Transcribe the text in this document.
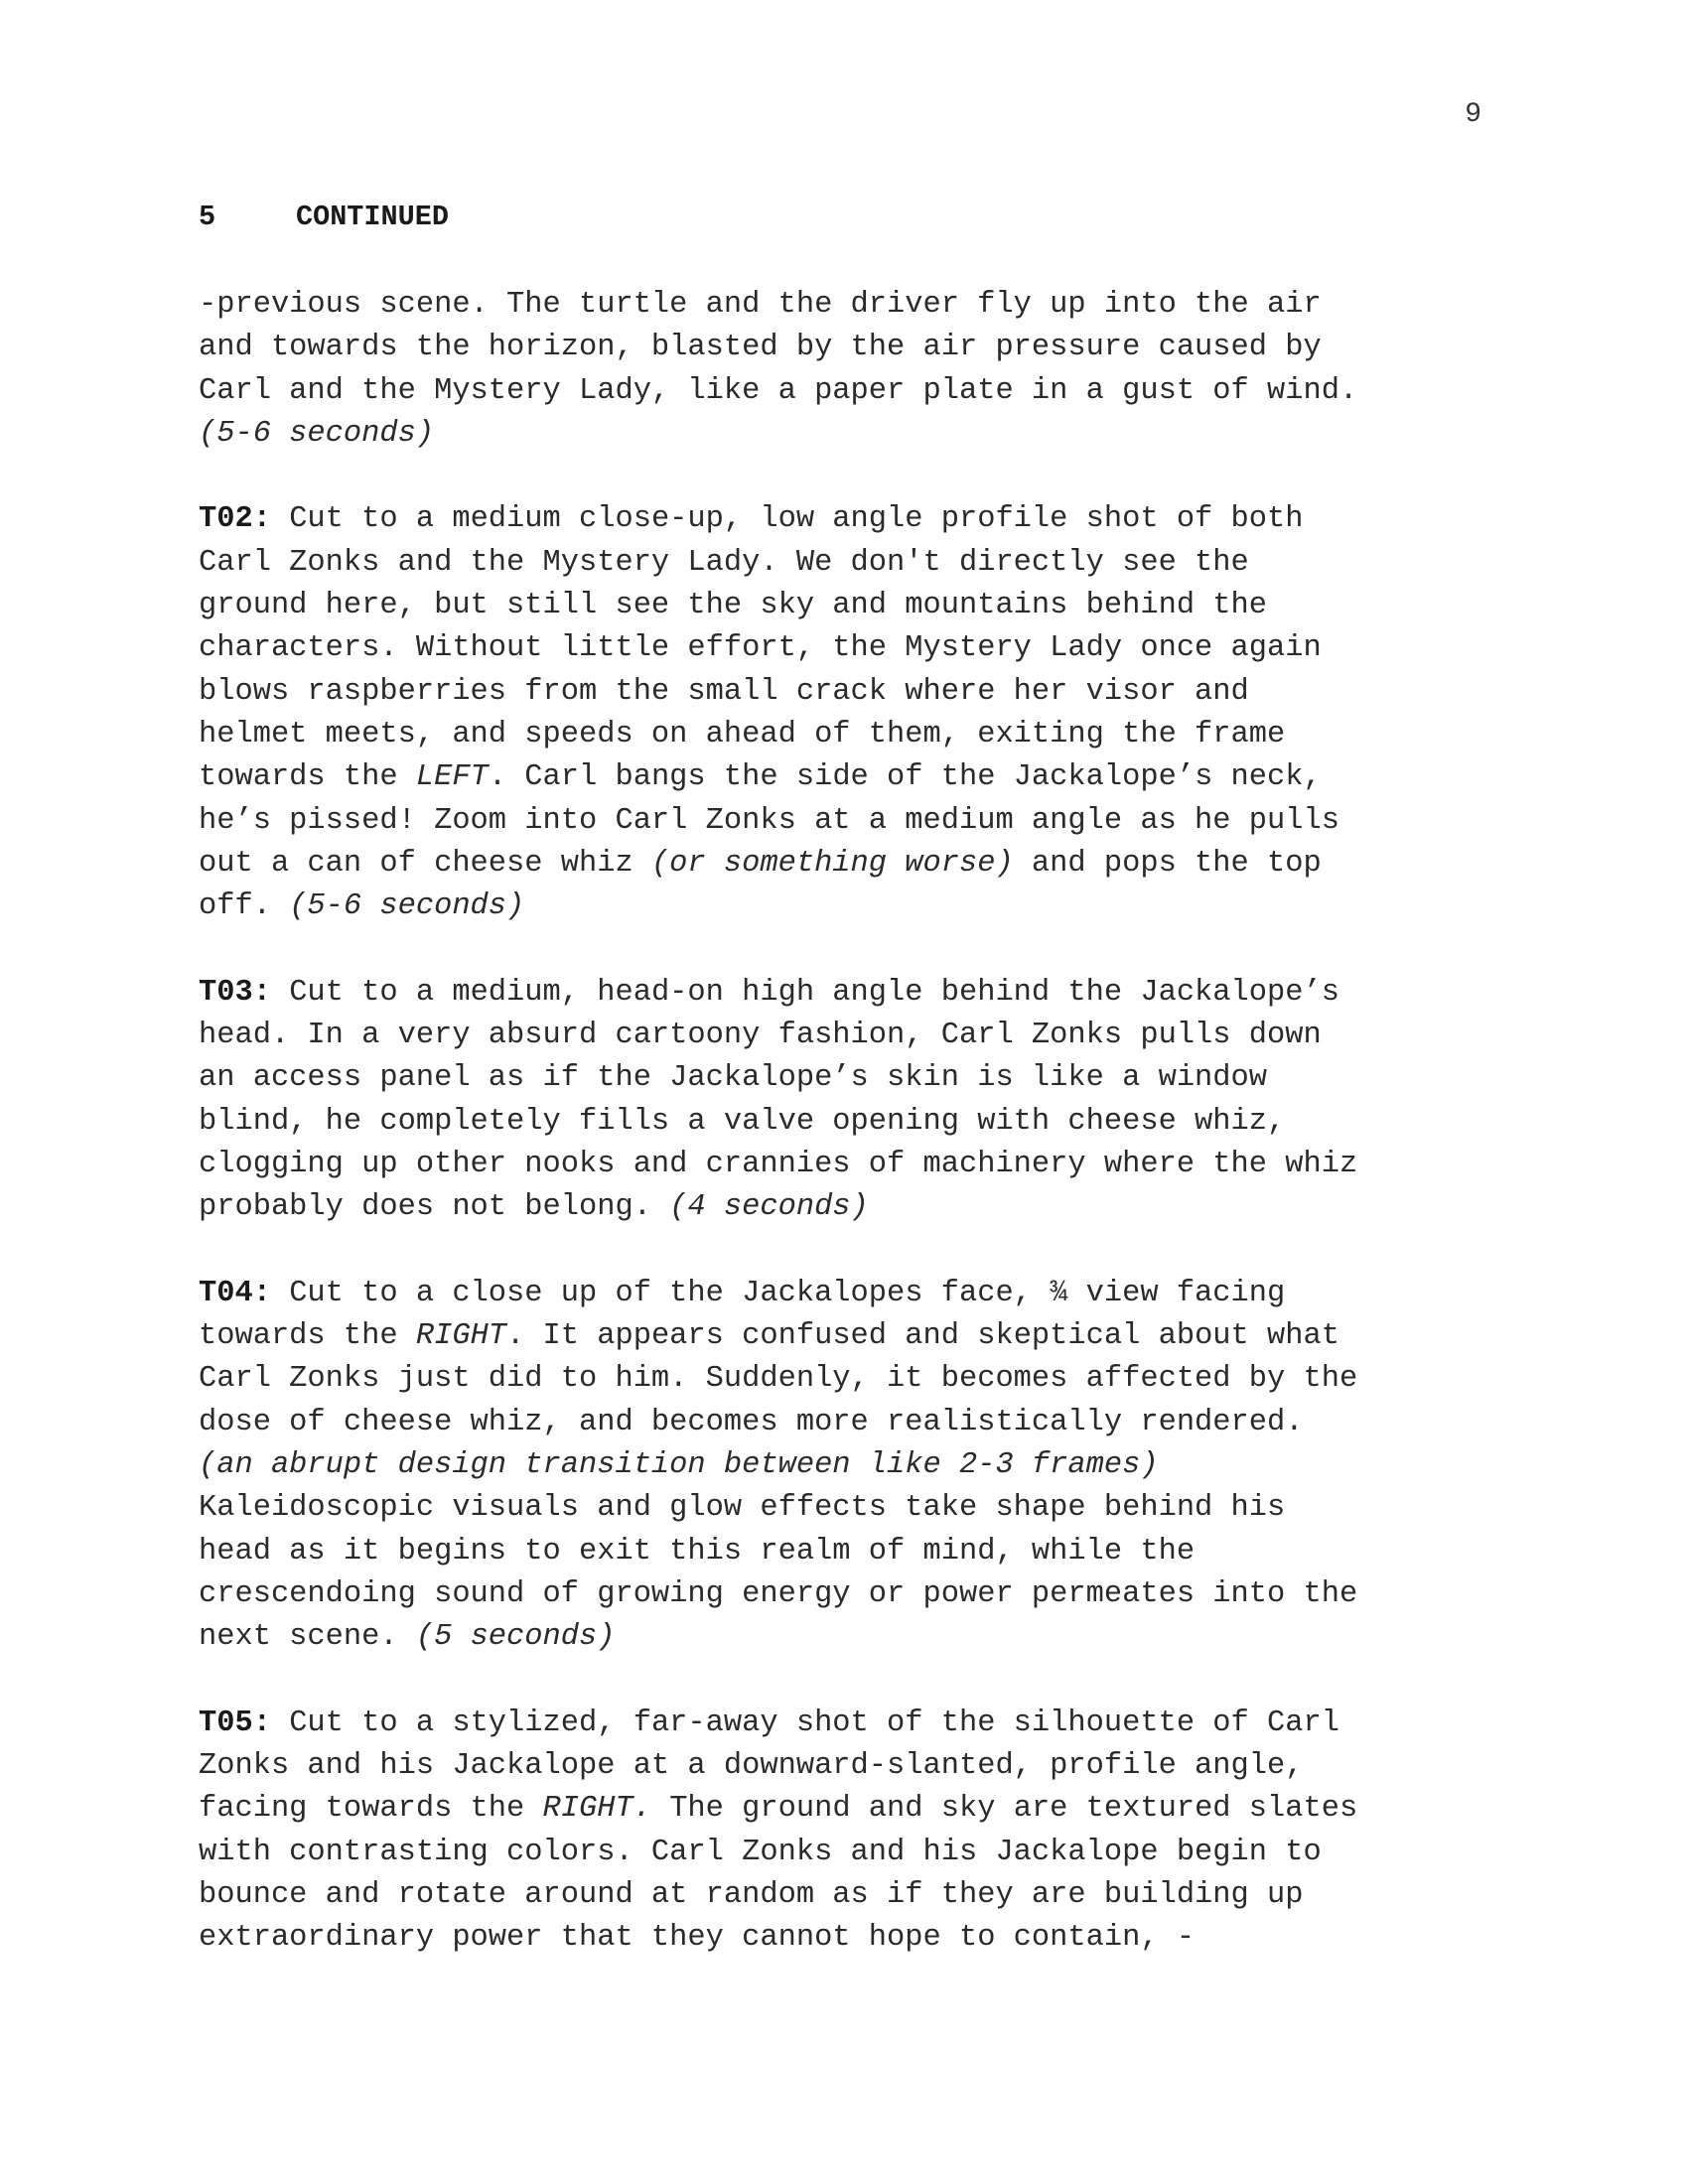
9
5	CONTINUED
-previous scene. The turtle and the driver fly up into the air
and towards the horizon, blasted by the air pressure caused by
Carl and the Mystery Lady, like a paper plate in a gust of wind.
(5-6 seconds)
T02: Cut to a medium close-up, low angle profile shot of both
Carl Zonks and the Mystery Lady. We don't directly see the
ground here, but still see the sky and mountains behind the
characters. Without little effort, the Mystery Lady once again
blows raspberries from the small crack where her visor and
helmet meets, and speeds on ahead of them, exiting the frame
towards the LEFT. Carl bangs the side of the Jackalope’s neck,
he’s pissed! Zoom into Carl Zonks at a medium angle as he pulls
out a can of cheese whiz (or something worse) and pops the top
off. (5-6 seconds)
T03: Cut to a medium, head-on high angle behind the Jackalope’s
head. In a very absurd cartoony fashion, Carl Zonks pulls down
an access panel as if the Jackalope’s skin is like a window
blind, he completely fills a valve opening with cheese whiz,
clogging up other nooks and crannies of machinery where the whiz
probably does not belong. (4 seconds)
T04: Cut to a close up of the Jackalopes face, ¾ view facing
towards the RIGHT. It appears confused and skeptical about what
Carl Zonks just did to him. Suddenly, it becomes affected by the
dose of cheese whiz, and becomes more realistically rendered.
(an abrupt design transition between like 2-3 frames)
Kaleidoscopic visuals and glow effects take shape behind his
head as it begins to exit this realm of mind, while the
crescendoing sound of growing energy or power permeates into the
next scene. (5 seconds)
T05: Cut to a stylized, far-away shot of the silhouette of Carl
Zonks and his Jackalope at a downward-slanted, profile angle,
facing towards the RIGHT. The ground and sky are textured slates
with contrasting colors. Carl Zonks and his Jackalope begin to
bounce and rotate around at random as if they are building up
extraordinary power that they cannot hope to contain, -
